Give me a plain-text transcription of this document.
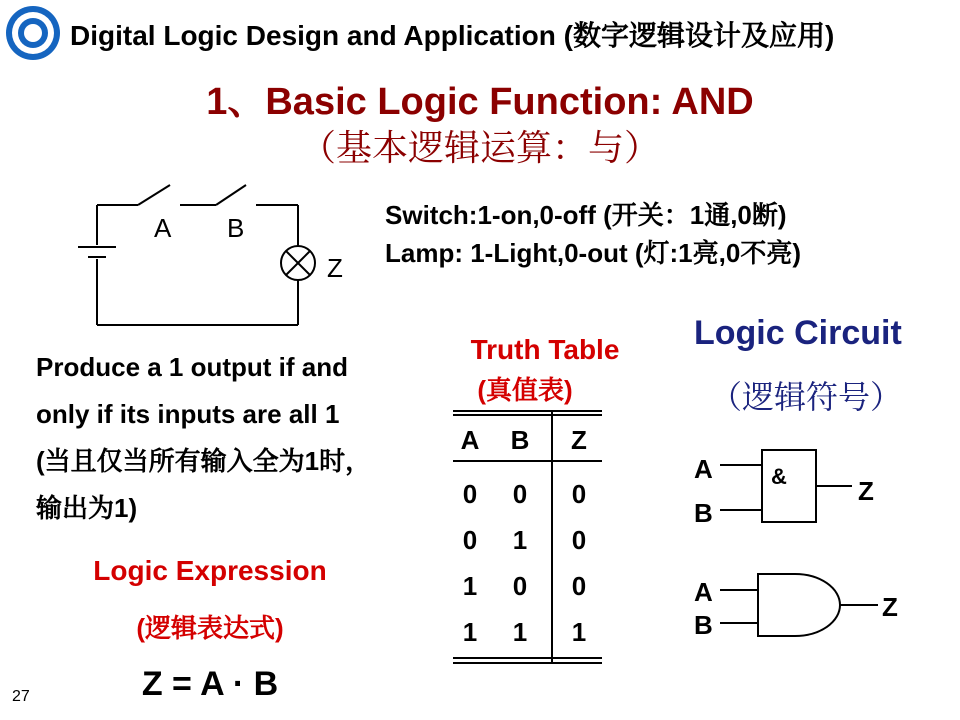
Digital Logic Design and Application (数字逻辑设计及应用)
1、Basic Logic Function: AND
（基本逻辑运算：与）
A B
Z
Switch:1-on,0-off (开关：1通,0断)
Lamp: 1-Light,0-out (灯:1亮,0不亮)
Produce a 1 output if and only if its inputs are all 1 (当且仅当所有输入全为1时，输出为1)
Logic Expression
(逻辑表达式)
Z = A · B
Truth Table
(真值表)
A B Z
0 0 0
0 1 0
1 0 0
1 1 1
Logic Circuit
（逻辑符号）
&
A
B
Z
A
B
Z
27
